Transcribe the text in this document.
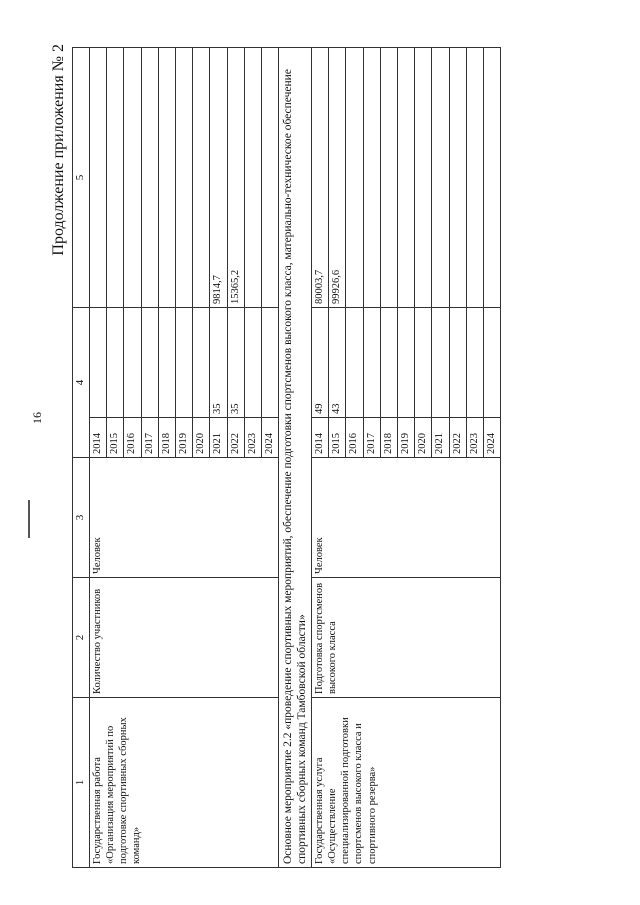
16
Продолжение приложения № 2
1	2	3	4		5
Государственная работа «Организация мероприятий по подготовке спортивных сборных команд»	Количество участников	Человек	2014		
			2015		
			2016		
			2017		
			2018		
			2019		
			2020		
			2021	35	9814,7
			2022	35	15365,2
			2023		
			2024		
Основное мероприятие 2.2 «проведение спортивных мероприятий, обеспечение подготовки спортсменов высокого класса, материально-техническое обеспечение спортивных сборных команд Тамбовской области»					
Государственная услуга «Осуществление специализированной подготовки спортсменов высокого класса и спортивного резерва»	Подготовка спортсменов высокого класса	Человек	2014	49	80003,7
			2015	43	99926,6
			2016		
			2017		
			2018		
			2019		
			2020		
			2021		
			2022		
			2023		
			2024		
